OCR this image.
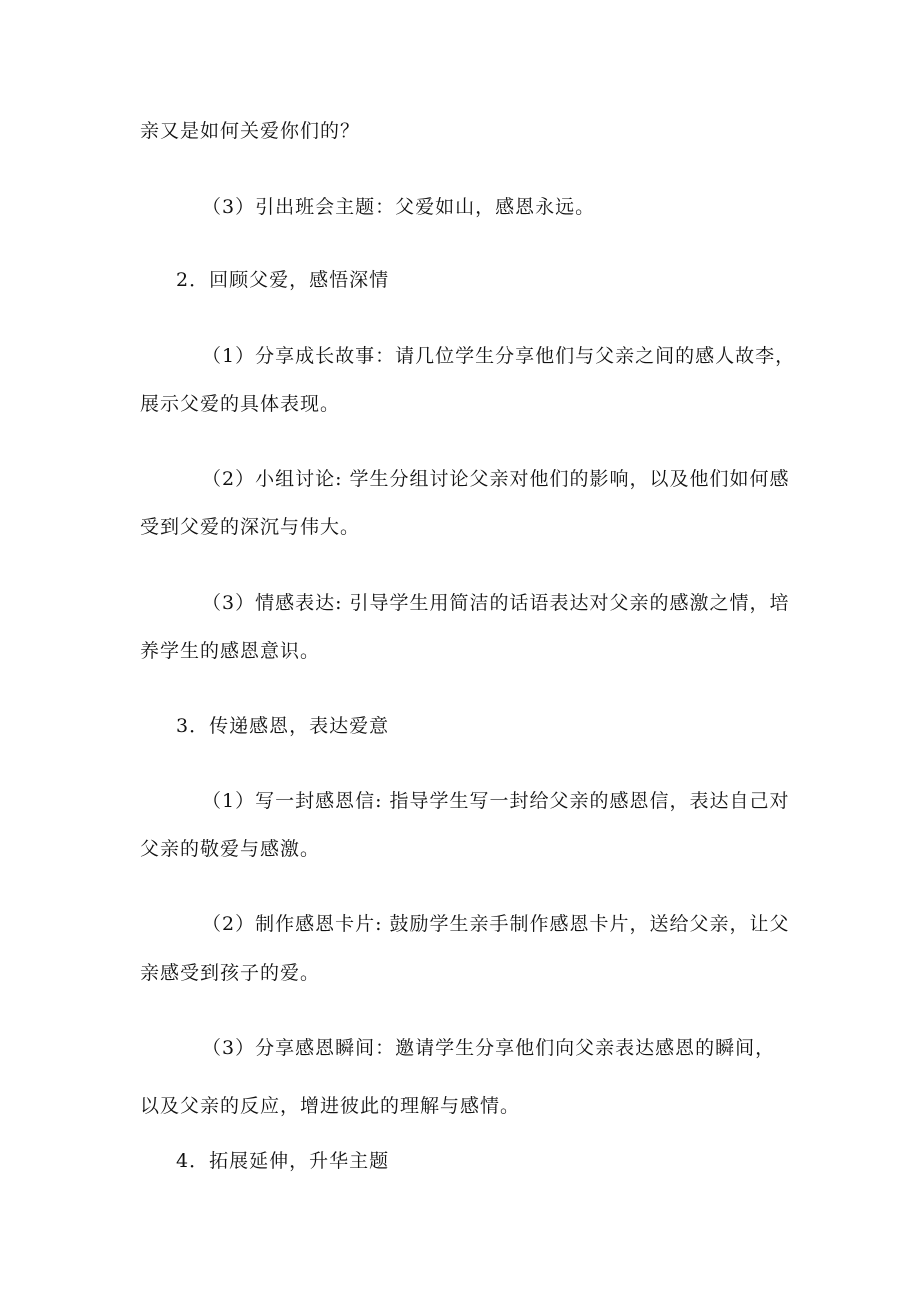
亲又是如何关爱你们的？
（3）引出班会主题：父爱如山，感恩永远。
2．回顾父爱，感悟深情
（1）分享成长故事：请几位学生分享他们与父亲之间的感人故李，
展示父爱的具体表现。
（2）小组讨论: 学生分组讨论父亲对他们的影响，以及他们如何感
受到父爱的深沉与伟大。
（3）情感表达: 引导学生用简洁的话语表达对父亲的感激之情，培
养学生的感恩意识。
3．传递感恩，表达爱意
（1）写一封感恩信: 指导学生写一封给父亲的感恩信，表达自己对
父亲的敬爱与感激。
（2）制作感恩卡片: 鼓励学生亲手制作感恩卡片，送给父亲，让父
亲感受到孩子的爱。
（3）分享感恩瞬间：邀请学生分享他们向父亲表达感恩的瞬间，
以及父亲的反应，增进彼此的理解与感情。
4．拓展延伸，升华主题
